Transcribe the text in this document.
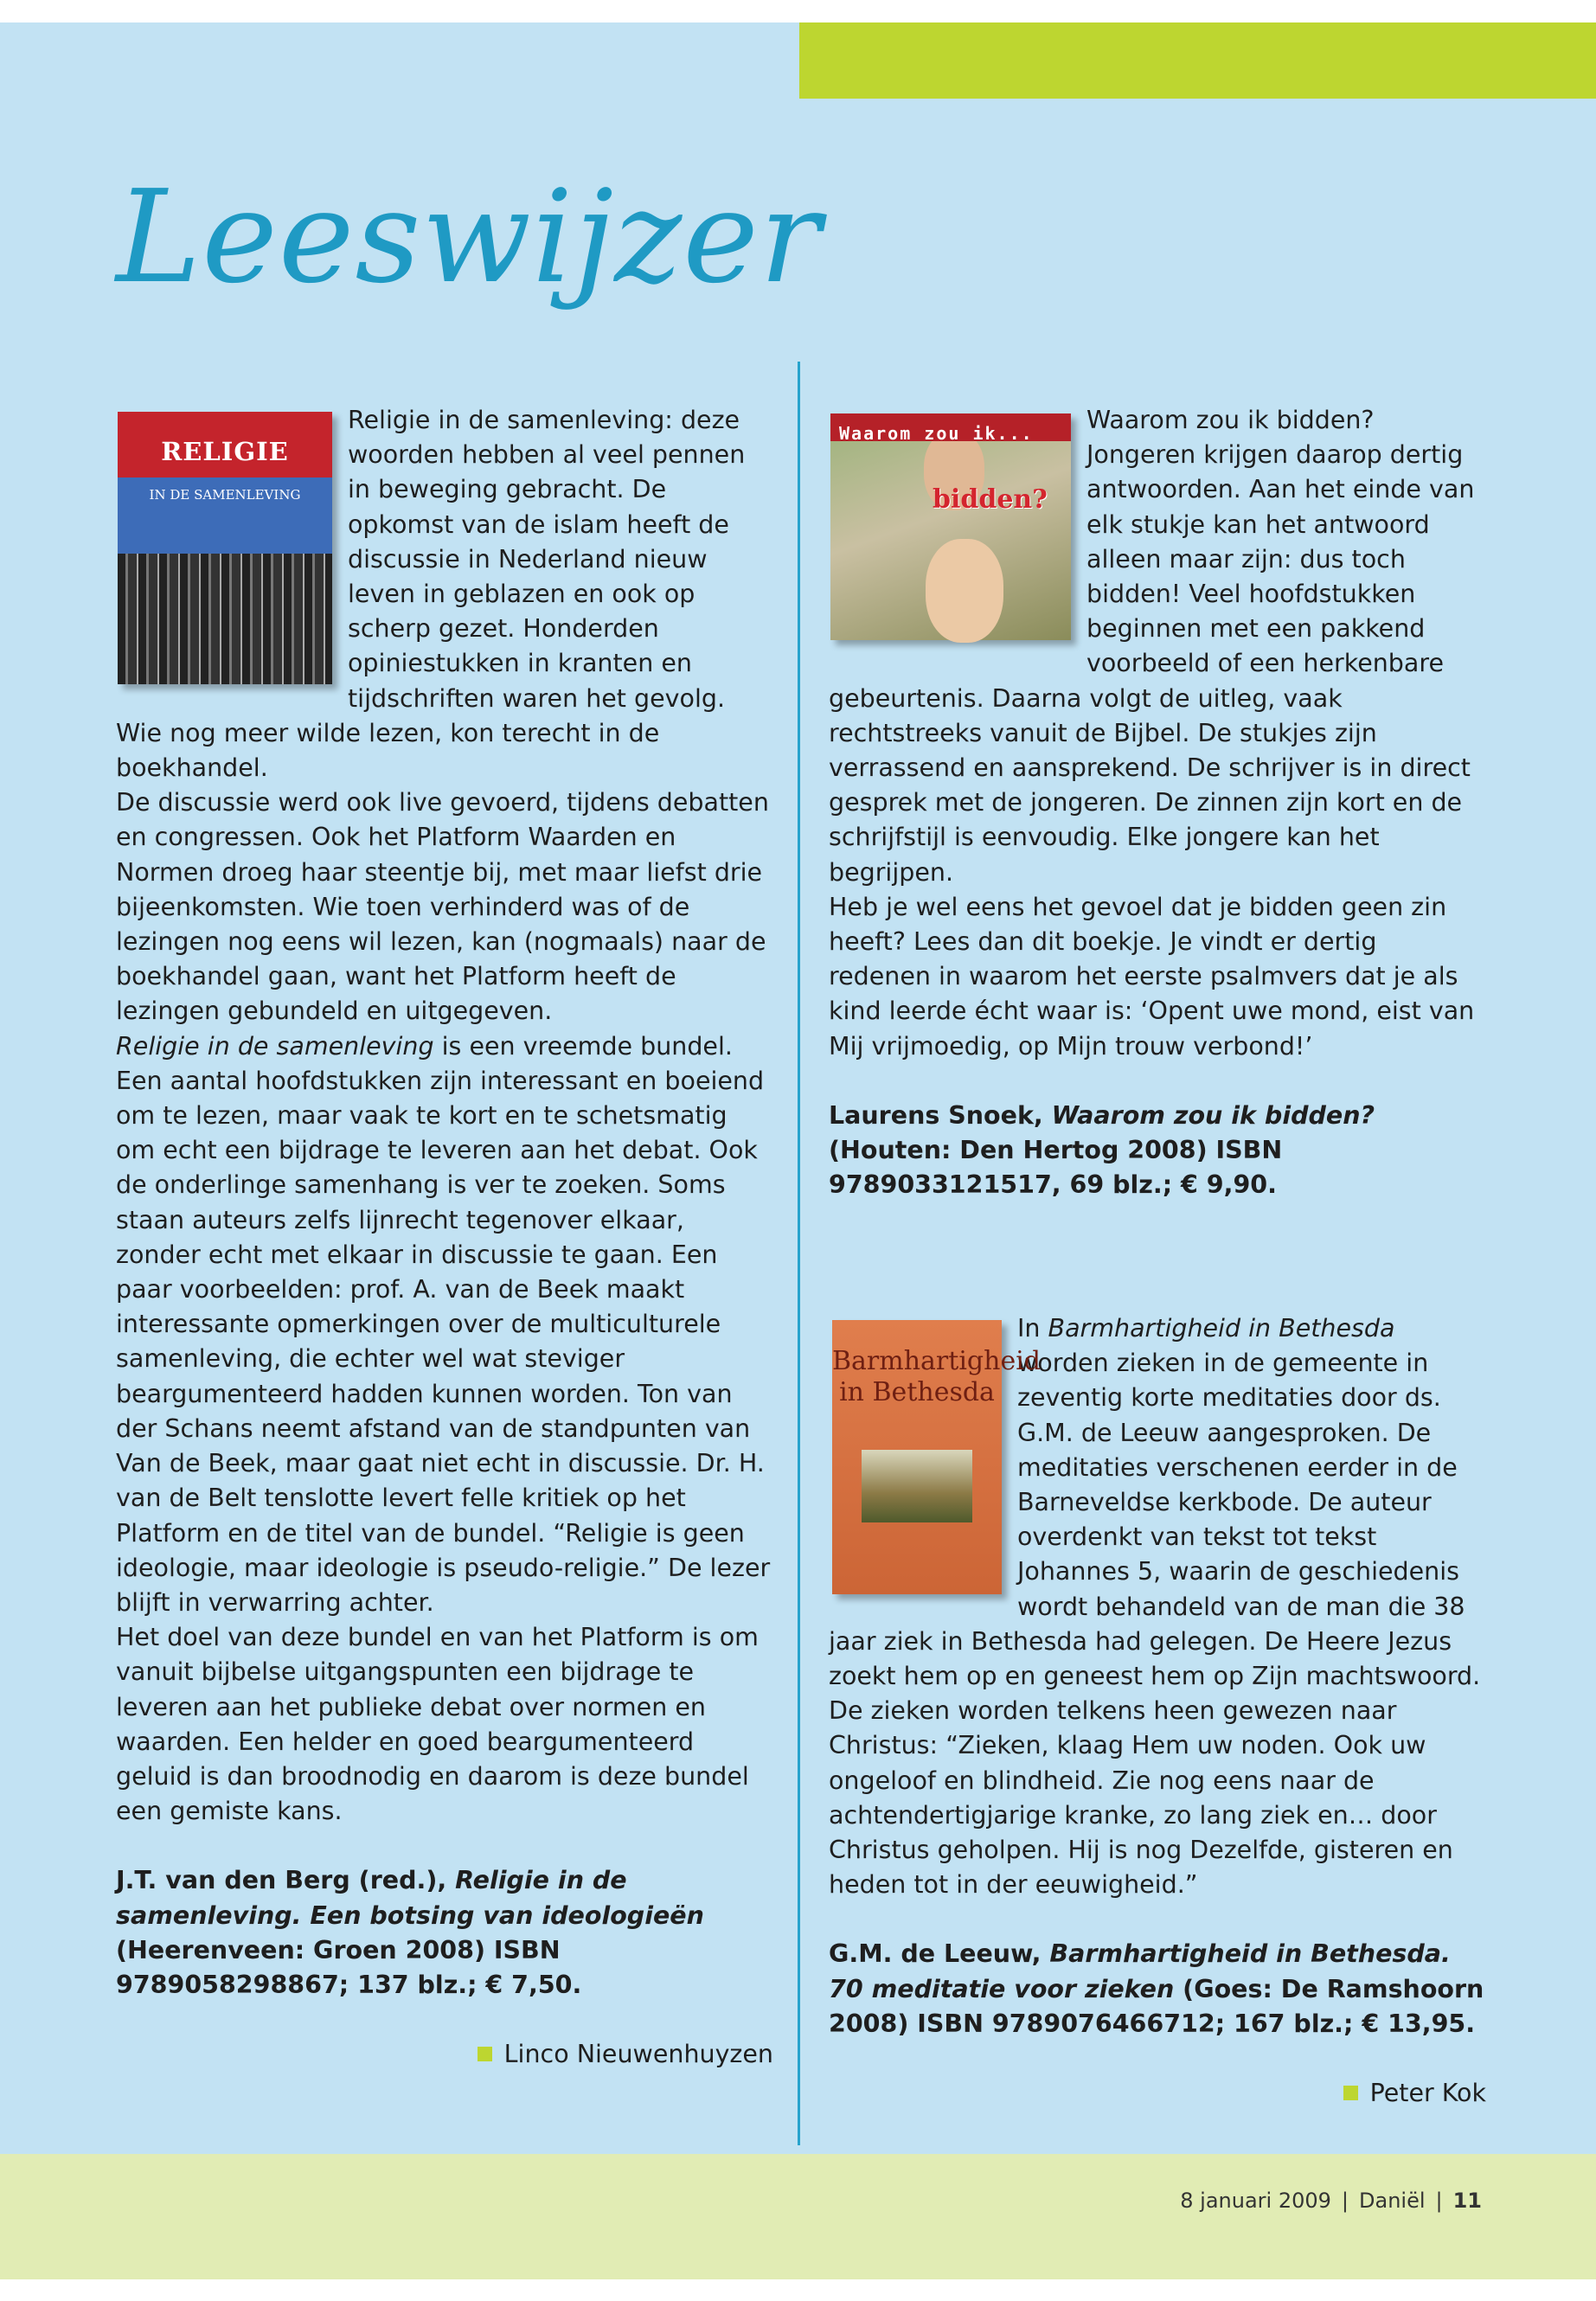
Leeswijzer
RELIGIE
IN DE SAMENLEVING

Religie in de samenleving: deze woorden hebben al veel pennen in beweging gebracht. De opkomst van de islam heeft de discussie in Nederland nieuw leven in geblazen en ook op scherp gezet. Honderden opiniestukken in kranten en tijdschriften waren het gevolg. Wie nog meer wilde lezen, kon terecht in de boekhandel.

De discussie werd ook live gevoerd, tijdens debatten en congressen. Ook het Platform Waarden en Normen droeg haar steentje bij, met maar liefst drie bijeenkomsten. Wie toen verhinderd was of de lezingen nog eens wil lezen, kan (nogmaals) naar de boekhandel gaan, want het Platform heeft de lezingen gebundeld en uitgegeven.

Religie in de samenleving is een vreemde bundel. Een aantal hoofdstukken zijn interessant en boeiend om te lezen, maar vaak te kort en te schetsmatig om echt een bijdrage te leveren aan het debat. Ook de onderlinge samenhang is ver te zoeken. Soms staan auteurs zelfs lijnrecht tegenover elkaar, zonder echt met elkaar in discussie te gaan. Een paar voorbeelden: prof. A. van de Beek maakt interessante opmerkingen over de multiculturele samenleving, die echter wel wat steviger beargumenteerd hadden kunnen worden. Ton van der Schans neemt afstand van de standpunten van Van de Beek, maar gaat niet echt in discussie. Dr. H. van de Belt tenslotte levert felle kritiek op het Platform en de titel van de bundel. “Religie is geen ideologie, maar ideologie is pseudo-religie.” De lezer blijft in verwarring achter.

Het doel van deze bundel en van het Platform is om vanuit bijbelse uitgangspunten een bijdrage te leveren aan het publieke debat over normen en waarden. Een helder en goed beargumenteerd geluid is dan broodnodig en daarom is deze bundel een gemiste kans.

J.T. van den Berg (red.), Religie in de samenleving. Een botsing van ideologieën (Heerenveen: Groen 2008) ISBN 9789058298867; 137 blz.; € 7,50.

Linco Nieuwenhuyzen

Waarom zou ik...
bidden?

Waarom zou ik bidden? Jongeren krijgen daarop dertig antwoorden. Aan het einde van elk stukje kan het antwoord alleen maar zijn: dus toch bidden! Veel hoofdstukken beginnen met een pakkend voorbeeld of een herkenbare gebeurtenis. Daarna volgt de uitleg, vaak rechtstreeks vanuit de Bijbel. De stukjes zijn verrassend en aansprekend. De schrijver is in direct gesprek met de jongeren. De zinnen zijn kort en de schrijfstijl is eenvoudig. Elke jongere kan het begrijpen.

Heb je wel eens het gevoel dat je bidden geen zin heeft? Lees dan dit boekje. Je vindt er dertig redenen in waarom het eerste psalmvers dat je als kind leerde écht waar is: ‘Opent uwe mond, eist van Mij vrijmoedig, op Mijn trouw verbond!’

Laurens Snoek, Waarom zou ik bidden? (Houten: Den Hertog 2008) ISBN 9789033121517, 69 blz.; € 9,90.

Barmhartigheid
in Bethesda

In Barmhartigheid in Bethesda worden zieken in de gemeente in zeventig korte meditaties door ds. G.M. de Leeuw aangesproken. De meditaties verschenen eerder in de Barneveldse kerkbode. De auteur overdenkt van tekst tot tekst Johannes 5, waarin de geschiedenis wordt behandeld van de man die 38 jaar ziek in Bethesda had gelegen. De Heere Jezus zoekt hem op en geneest hem op Zijn machtswoord. De zieken worden telkens heen gewezen naar Christus: “Zieken, klaag Hem uw noden. Ook uw ongeloof en blindheid. Zie nog eens naar de achtendertigjarige kranke, zo lang ziek en… door Christus geholpen. Hij is nog Dezelfde, gisteren en heden tot in der eeuwigheid.”

G.M. de Leeuw, Barmhartigheid in Bethesda. 70 meditatie voor zieken (Goes: De Ramshoorn 2008) ISBN 9789076466712; 167 blz.; € 13,95.

Peter Kok

8 januari 2009 | Daniël | 11
